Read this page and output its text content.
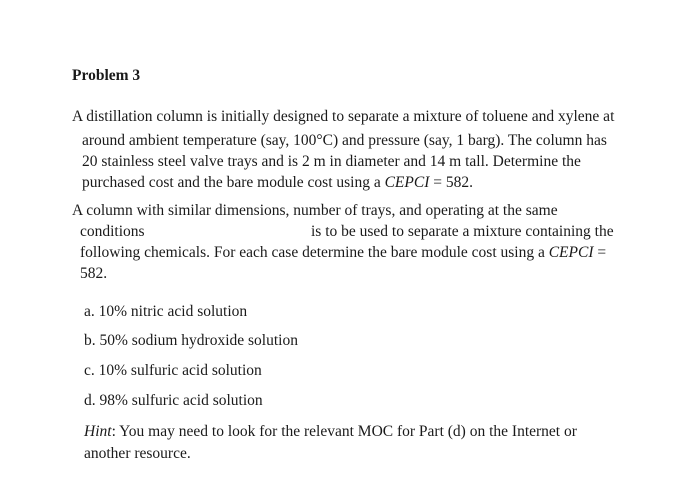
Problem 3
A distillation column is initially designed to separate a mixture of toluene and xylene at
around ambient temperature (say, 100°C) and pressure (say, 1 barg). The column has
20 stainless steel valve trays and is 2 m in diameter and 14 m tall. Determine the
purchased cost and the bare module cost using a CEPCI = 582.
A column with similar dimensions, number of trays, and operating at the same
conditions	is to be used to separate a mixture containing the
following chemicals. For each case determine the bare module cost using a CEPCI =
582.
a. 10% nitric acid solution
b. 50% sodium hydroxide solution
c. 10% sulfuric acid solution
d. 98% sulfuric acid solution
Hint: You may need to look for the relevant MOC for Part (d) on the Internet or
another resource.
